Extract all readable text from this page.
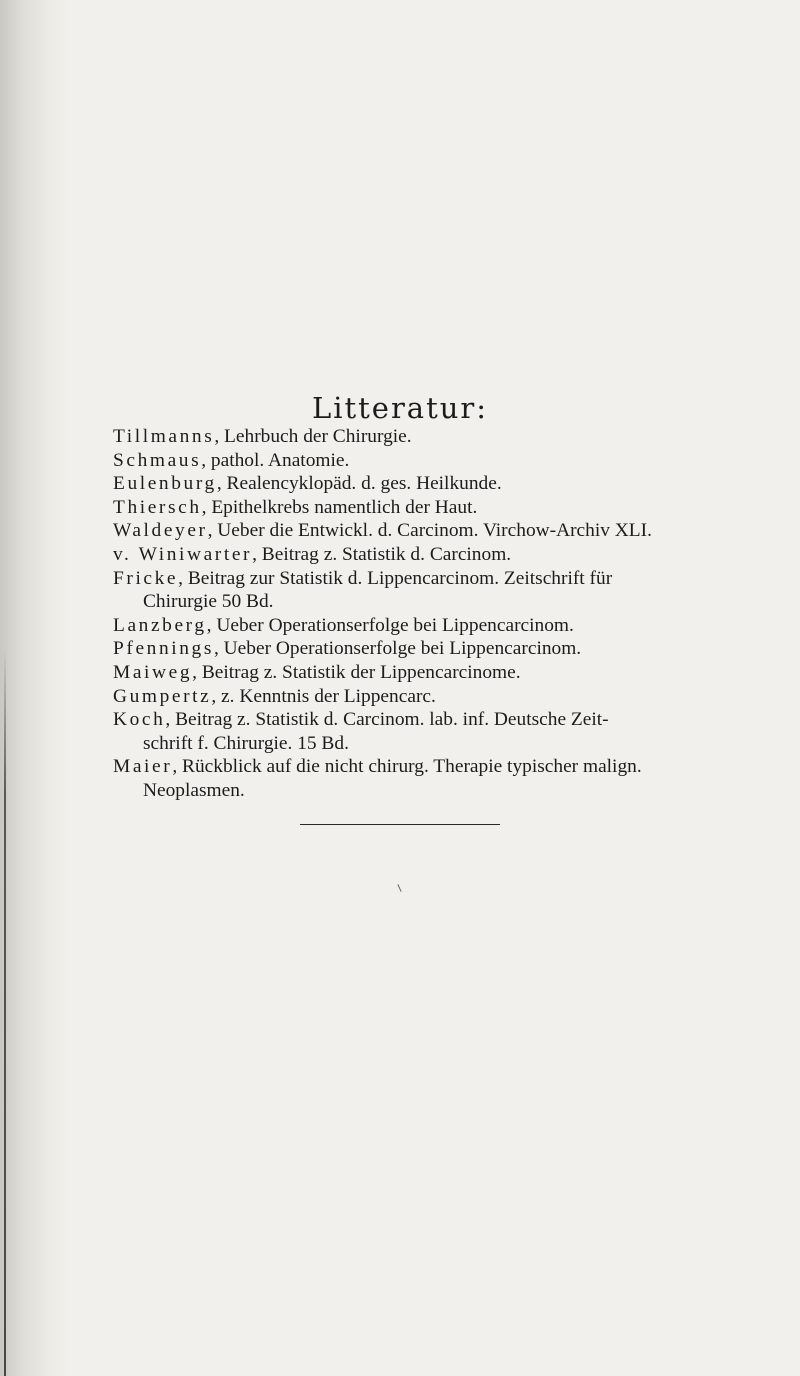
Litteratur:
Tillmanns, Lehrbuch der Chirurgie.
Schmaus, pathol. Anatomie.
Eulenburg, Realencyklopäd. d. ges. Heilkunde.
Thiersch, Epithelkrebs namentlich der Haut.
Waldeyer, Ueber die Entwickl. d. Carcinom. Virchow-Archiv XLI.
v. Winiwarter, Beitrag z. Statistik d. Carcinom.
Fricke, Beitrag zur Statistik d. Lippencarcinom. Zeitschrift für
Chirurgie 50 Bd.
Lanzberg, Ueber Operationserfolge bei Lippencarcinom.
Pfennings, Ueber Operationserfolge bei Lippencarcinom.
Maiweg, Beitrag z. Statistik der Lippencarcinome.
Gumpertz, z. Kenntnis der Lippencarc.
Koch, Beitrag z. Statistik d. Carcinom. lab. inf. Deutsche Zeit-
schrift f. Chirurgie. 15 Bd.
Maier, Rückblick auf die nicht chirurg. Therapie typischer malign.
Neoplasmen.
